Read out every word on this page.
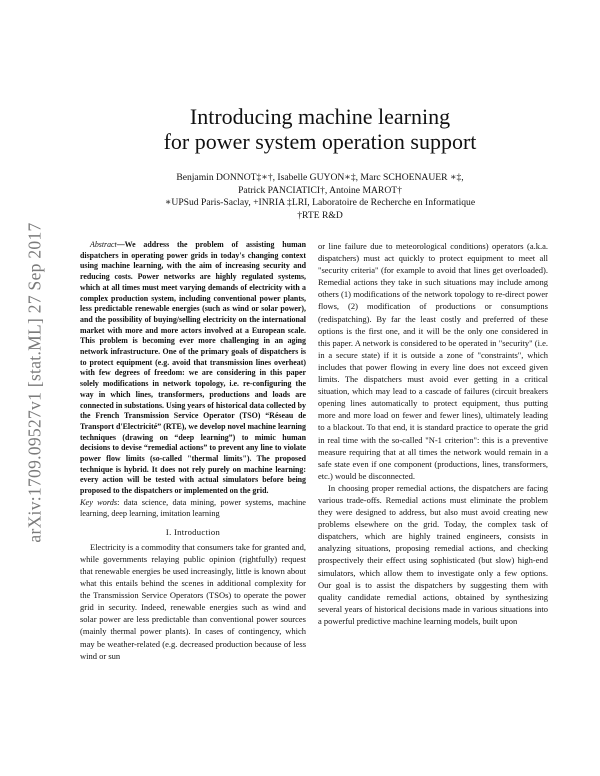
arXiv:1709.09527v1 [stat.ML] 27 Sep 2017
Introducing machine learning
for power system operation support
Benjamin DONNOT‡∗†, Isabelle GUYON∗‡, Marc SCHOENAUER ∗‡,
Patrick PANCIATICI†, Antoine MAROT†
∗UPSud Paris-Saclay, +INRIA ‡LRI, Laboratoire de Recherche en Informatique
†RTE R&D

Abstract—We address the problem of assisting human dispatchers in operating power grids in today's changing context using machine learning, with the aim of increasing security and reducing costs. Power networks are highly regulated systems, which at all times must meet varying demands of electricity with a complex production system, including conventional power plants, less predictable renewable energies (such as wind or solar power), and the possibility of buying/selling electricity on the international market with more and more actors involved at a European scale. This problem is becoming ever more challenging in an aging network infrastructure. One of the primary goals of dispatchers is to protect equipment (e.g. avoid that transmission lines overheat) with few degrees of freedom: we are considering in this paper solely modifications in network topology, i.e. re-configuring the way in which lines, transformers, productions and loads are connected in substations. Using years of historical data collected by the French Transmission Service Operator (TSO) “Réseau de Transport d'Electricité” (RTE), we develop novel machine learning techniques (drawing on “deep learning”) to mimic human decisions to devise “remedial actions” to prevent any line to violate power flow limits (so-called "thermal limits"). The proposed technique is hybrid. It does not rely purely on machine learning: every action will be tested with actual simulators before being proposed to the dispatchers or implemented on the grid.

Key words: data science, data mining, power systems, machine learning, deep learning, imitation learning

I. Introduction

Electricity is a commodity that consumers take for granted and, while governments relaying public opinion (rightfully) request that renewable energies be used increasingly, little is known about what this entails behind the scenes in additional complexity for the Transmission Service Operators (TSOs) to operate the power grid in security. Indeed, renewable energies such as wind and solar power are less predictable than conventional power sources (mainly thermal power plants). In cases of contingency, which may be weather-related (e.g. decreased production because of less wind or sun

or line failure due to meteorological conditions) operators (a.k.a. dispatchers) must act quickly to protect equipment to meet all "security criteria" (for example to avoid that lines get overloaded). Remedial actions they take in such situations may include among others (1) modifications of the network topology to re-direct power flows, (2) modification of productions or consumptions (redispatching). By far the least costly and preferred of these options is the first one, and it will be the only one considered in this paper. A network is considered to be operated in "security" (i.e. in a secure state) if it is outside a zone of "constraints", which includes that power flowing in every line does not exceed given limits. The dispatchers must avoid ever getting in a critical situation, which may lead to a cascade of failures (circuit breakers opening lines automatically to protect equipment, thus putting more and more load on fewer and fewer lines), ultimately leading to a blackout. To that end, it is standard practice to operate the grid in real time with the so-called "N-1 criterion": this is a preventive measure requiring that at all times the network would remain in a safe state even if one component (productions, lines, transformers, etc.) would be disconnected.

In choosing proper remedial actions, the dispatchers are facing various trade-offs. Remedial actions must eliminate the problem they were designed to address, but also must avoid creating new problems elsewhere on the grid. Today, the complex task of dispatchers, which are highly trained engineers, consists in analyzing situations, proposing remedial actions, and checking prospectively their effect using sophisticated (but slow) high-end simulators, which allow them to investigate only a few options. Our goal is to assist the dispatchers by suggesting them with quality candidate remedial actions, obtained by synthesizing several years of historical decisions made in various situations into a powerful predictive machine learning models, built upon
